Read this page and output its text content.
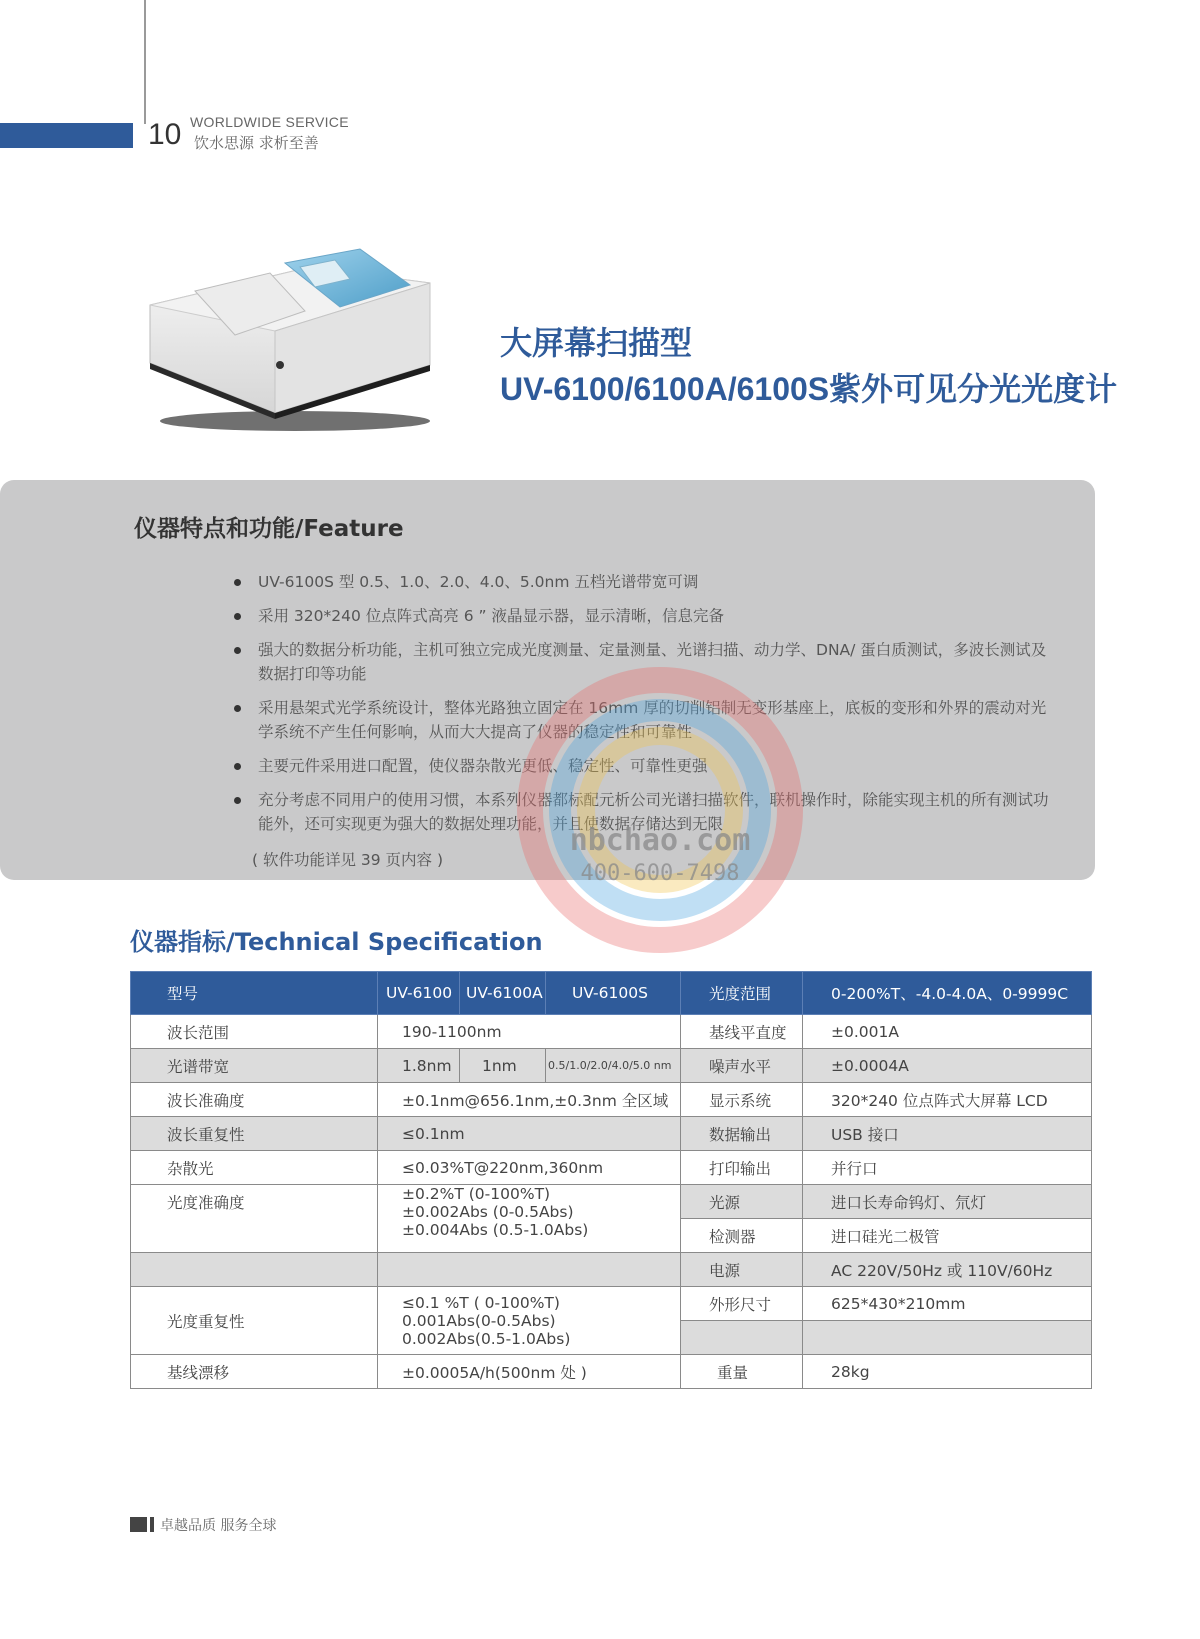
10 WORLDWIDE SERVICE
饮水思源 求析至善
大屏幕扫描型
UV-6100/6100A/6100S紫外可见分光光度计
仪器特点和功能/Feature
UV-6100S 型 0.5、1.0、2.0、4.0、5.0nm 五档光谱带宽可调
采用 320*240 位点阵式高亮 6 ” 液晶显示器，显示清晰，信息完备
强大的数据分析功能，主机可独立完成光度测量、定量测量、光谱扫描、动力学、DNA/ 蛋白质测试，多波长测试及数据打印等功能
采用悬架式光学系统设计，整体光路独立固定在 16mm 厚的切削铝制无变形基座上，底板的变形和外界的震动对光学系统不产生任何影响，从而大大提高了仪器的稳定性和可靠性
主要元件采用进口配置，使仪器杂散光更低、稳定性、可靠性更强
充分考虑不同用户的使用习惯，本系列仪器都标配元析公司光谱扫描软件，联机操作时，除能实现主机的所有测试功能外，还可实现更为强大的数据处理功能，并且使数据存储达到无限
( 软件功能详见 39 页内容 )
nbchao.com
400-600-7498
仪器指标/Technical Specification
型号	UV-6100	UV-6100A	UV-6100S	光度范围	0-200%T、-4.0-4.0A、0-9999C
波长范围	190-1100nm			基线平直度	±0.001A
光谱带宽	1.8nm	1nm	0.5/1.0/2.0/4.0/5.0 nm	噪声水平	±0.0004A
波长准确度	±0.1nm@656.1nm,±0.3nm 全区域			显示系统	320*240 位点阵式大屏幕 LCD
波长重复性	≤0.1nm			数据输出	USB 接口
杂散光	≤0.03%T@220nm,360nm			打印输出	并行口
光度准确度	±0.2%T (0-100%T)
±0.002Abs (0-0.5Abs)
±0.004Abs (0.5-1.0Abs)			光源	进口长寿命钨灯、氘灯
				检测器	进口硅光二极管
				电源	AC 220V/50Hz 或 110V/60Hz
光度重复性	≤0.1 %T ( 0-100%T)
0.001Abs(0-0.5Abs)
0.002Abs(0.5-1.0Abs)			外形尺寸	625*430*210mm

基线漂移	±0.0005A/h(500nm 处 )			重量	28kg
卓越品质 服务全球
